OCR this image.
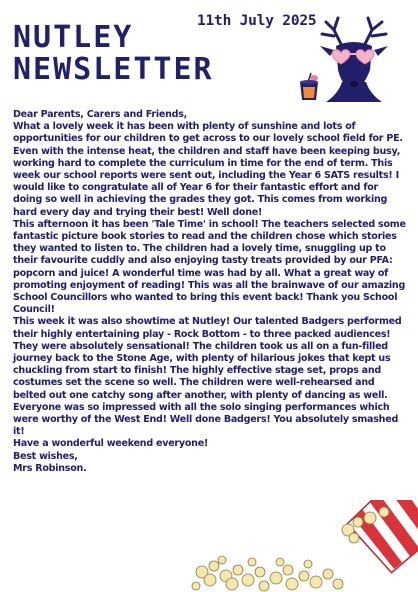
11th July 2025
NUTLEY
NEWSLETTER

Dear Parents, Carers and Friends,

What a lovely week it has been with plenty of sunshine and lots of opportunities for our children to get across to our lovely school field for PE. Even with the intense heat, the children and staff have been keeping busy, working hard to complete the curriculum in time for the end of term. This week our school reports were sent out, including the Year 6 SATS results! I would like to congratulate all of Year 6 for their fantastic effort and for doing so well in achieving the grades they got. This comes from working hard every day and trying their best! Well done!

This afternoon it has been 'Tale Time' in school! The teachers selected some fantastic picture book stories to read and the children chose which stories they wanted to listen to. The children had a lovely time, snuggling up to their favourite cuddly and also enjoying tasty treats provided by our PFA: popcorn and juice! A wonderful time was had by all. What a great way of promoting enjoyment of reading! This was all the brainwave of our amazing School Councillors who wanted to bring this event back! Thank you School Council!

This week it was also showtime at Nutley! Our talented Badgers performed their highly entertaining play - Rock Bottom - to three packed audiences! They were absolutely sensational! The children took us all on a fun-filled journey back to the Stone Age, with plenty of hilarious jokes that kept us chuckling from start to finish! The highly effective stage set, props and costumes set the scene so well. The children were well-rehearsed and belted out one catchy song after another, with plenty of dancing as well. Everyone was so impressed with all the solo singing performances which were worthy of the West End! Well done Badgers! You absolutely smashed it!

Have a wonderful weekend everyone!

Best wishes,

Mrs Robinson.
